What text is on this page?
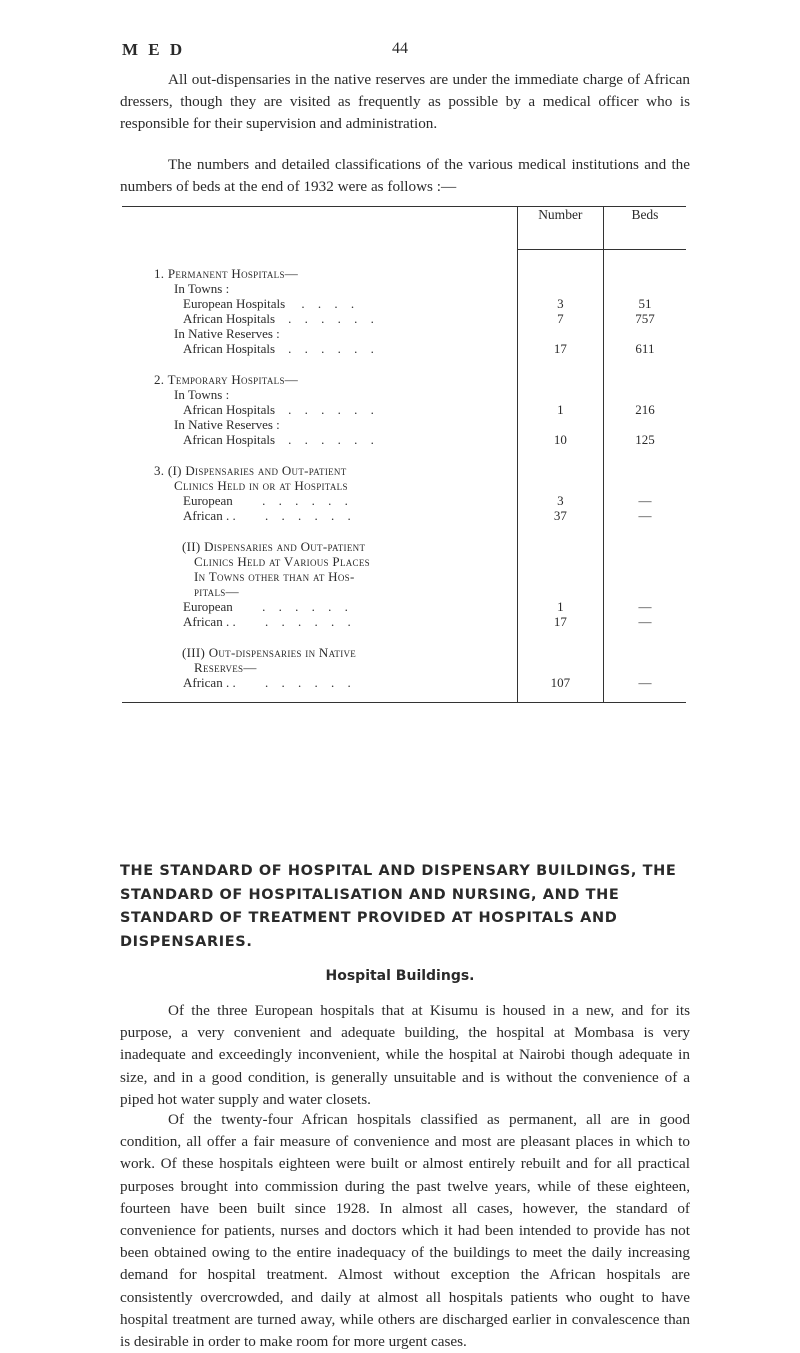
M E D	44

All out-dispensaries in the native reserves are under the immediate charge of African dressers, though they are visited as frequently as possible by a medical officer who is responsible for their supervision and administration.

The numbers and detailed classifications of the various medical institutions and the numbers of beds at the end of 1932 were as follows :—

	Number	Beds

1. Permanent Hospitals—		
In Towns :		
European Hospitals . . . .	3	51
African Hospitals . . . . . .	7	757
In Native Reserves :		
African Hospitals . . . . . .	17	611

2. Temporary Hospitals—		
In Towns :		
African Hospitals . . . . . .	1	216
In Native Reserves :		
African Hospitals . . . . . .	10	125

3. (I) Dispensaries and Out-patient		
Clinics Held in or at Hospitals		
European . . . . . .	3	—
African . . . . . . . .	37	—

(II) Dispensaries and Out-patient		
Clinics Held at Various Places		
In Towns other than at Hos-		
pitals—		
European . . . . . .	1	—
African . . . . . . . .	17	—

(III) Out-dispensaries in Native		
Reserves—		
African . . . . . . . .	107	—

THE STANDARD OF HOSPITAL AND DISPENSARY BUILDINGS, THE STANDARD OF HOSPITALISATION AND NURSING, AND THE STANDARD OF TREATMENT PROVIDED AT HOSPITALS AND DISPENSARIES.

Hospital Buildings.

Of the three European hospitals that at Kisumu is housed in a new, and for its purpose, a very convenient and adequate building, the hospital at Mombasa is very inadequate and exceedingly inconvenient, while the hospital at Nairobi though adequate in size, and in a good condition, is generally unsuitable and is without the convenience of a piped hot water supply and water closets.

Of the twenty-four African hospitals classified as permanent, all are in good condition, all offer a fair measure of convenience and most are pleasant places in which to work. Of these hospitals eighteen were built or almost entirely rebuilt and for all practical purposes brought into commission during the past twelve years, while of these eighteen, fourteen have been built since 1928. In almost all cases, however, the standard of convenience for patients, nurses and doctors which it had been intended to provide has not been obtained owing to the entire inadequacy of the buildings to meet the daily increasing demand for hospital treatment. Almost without exception the African hospitals are consistently overcrowded, and daily at almost all hospitals patients who ought to have hospital treatment are turned away, while others are discharged earlier in convalescence than is desirable in order to make room for more urgent cases.
